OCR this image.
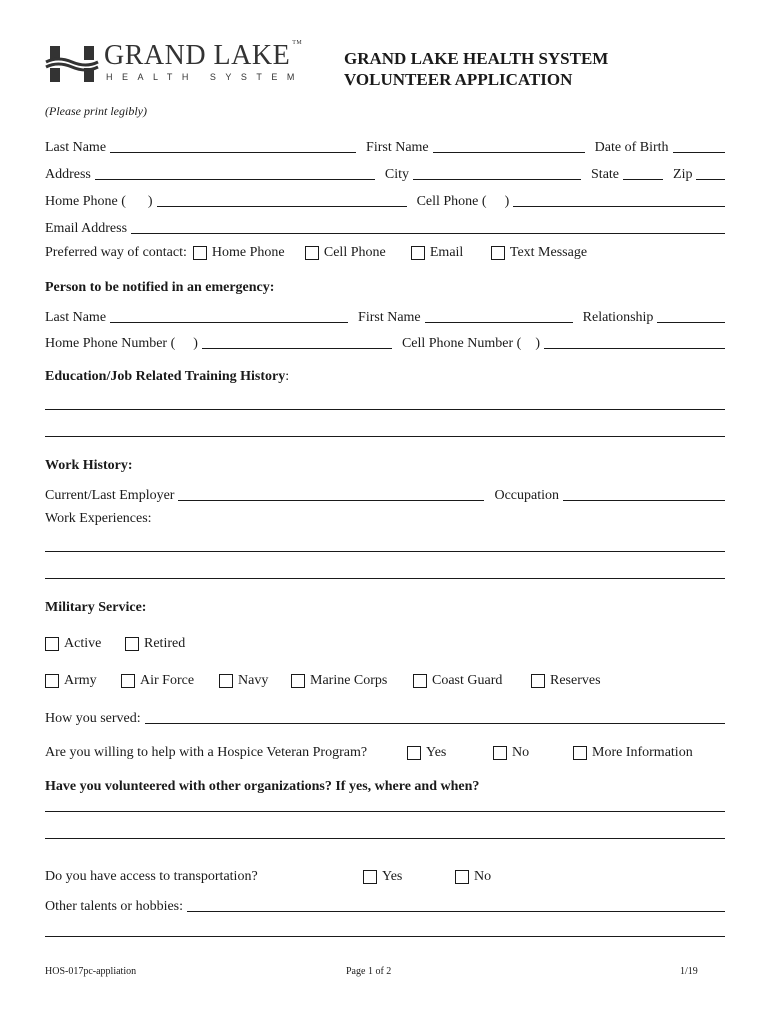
GRAND LAKE ™
HEALTH SYSTEM
GRAND LAKE HEALTH SYSTEM
VOLUNTEER APPLICATION
(Please print legibly)
Last Name	First Name	Date of Birth
Address	City	State	Zip
Home Phone ( )	Cell Phone ( )
Email Address
Preferred way of contact: Home Phone	Cell Phone	Email	Text Message
Person to be notified in an emergency:
Last Name	First Name	Relationship
Home Phone Number ( )	Cell Phone Number ( )
Education/Job Related Training History:
Work History:
Current/Last Employer	Occupation
Work Experiences:
Military Service:
Active	Retired
Army	Air Force	Navy	Marine Corps	Coast Guard	Reserves
How you served:
Are you willing to help with a Hospice Veteran Program?	Yes	No	More Information
Have you volunteered with other organizations? If yes, where and when?
Do you have access to transportation?	Yes	No
Other talents or hobbies:
HOS-017pc-appliation	Page 1 of 2	1/19
